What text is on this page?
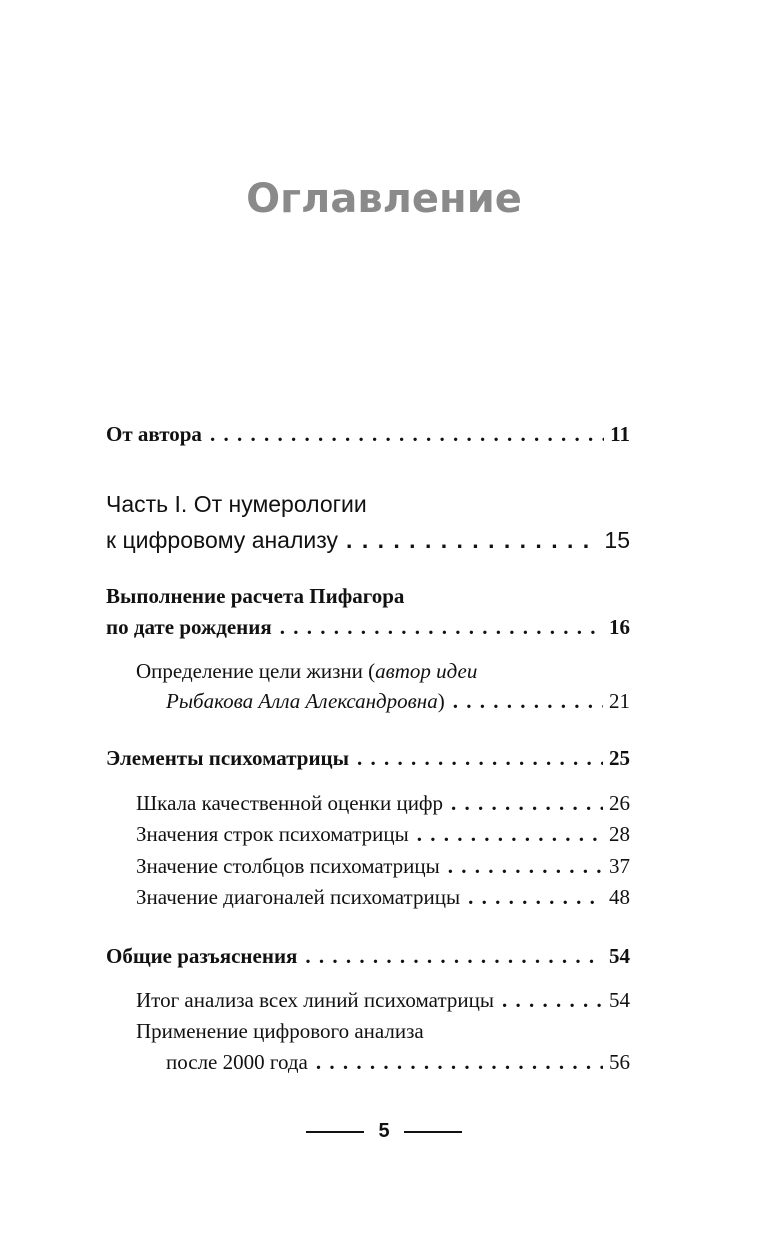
Оглавление
От автора . . .	11
Часть I. От нумерологии
к цифровому анализу . . .	15
Выполнение расчета Пифагора
по дате рождения . . .	16
Определение цели жизни (автор идеи
Рыбакова Алла Александровна) . . .	21
Элементы психоматрицы . . .	25
Шкала качественной оценки цифр . . .	26
Значения строк психоматрицы . . .	28
Значение столбцов психоматрицы . . .	37
Значение диагоналей психоматрицы . . .	48
Общие разъяснения . . .	54
Итог анализа всех линий психоматрицы . . .	54
Применение цифрового анализа
после 2000 года . . .	56
5
